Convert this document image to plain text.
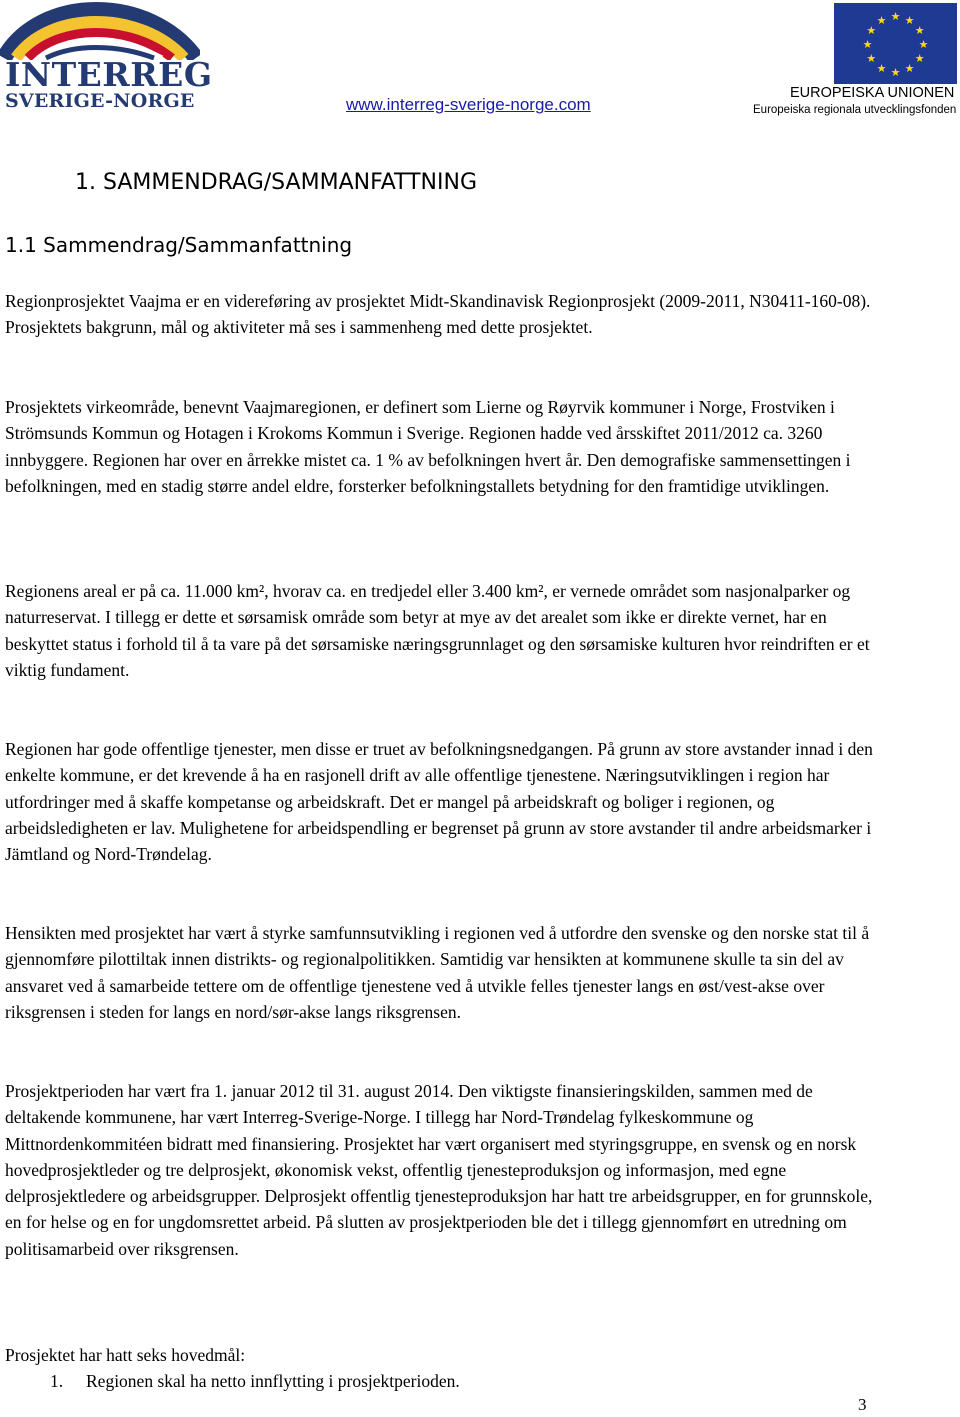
INTERREG
SVERIGE-NORGE	www.interreg-sverige-norge.com
★ ★
★
★
★
★
★
★
★
★
★
★
EUROPEISKA UNIONEN
Europeiska regionala utvecklingsfonden
1. SAMMENDRAG/SAMMANFATTNING
1.1 Sammendrag/Sammanfattning

Regionprosjektet Vaajma er en videreføring av prosjektet Midt-Skandinavisk Regionprosjekt (2009-2011, N30411-160-08). Prosjektets bakgrunn, mål og aktiviteter må ses i sammenheng med dette prosjektet.

Prosjektets virkeområde, benevnt Vaajmaregionen, er definert som Lierne og Røyrvik kommuner i Norge, Frostviken i Strömsunds Kommun og Hotagen i Krokoms Kommun i Sverige. Regionen hadde ved årsskiftet 2011/2012 ca. 3260 innbyggere. Regionen har over en årrekke mistet ca. 1 % av befolkningen hvert år. Den demografiske sammensettingen i befolkningen, med en stadig større andel eldre, forsterker befolkningstallets betydning for den framtidige utviklingen.

Regionens areal er på ca. 11.000 km², hvorav ca. en tredjedel eller 3.400 km², er vernede området som nasjonalparker og naturreservat. I tillegg er dette et sørsamisk område som betyr at mye av det arealet som ikke er direkte vernet, har en beskyttet status i forhold til å ta vare på det sørsamiske næringsgrunnlaget og den sørsamiske kulturen hvor reindriften er et viktig fundament.

Regionen har gode offentlige tjenester, men disse er truet av befolkningsnedgangen. På grunn av store avstander innad i den enkelte kommune, er det krevende å ha en rasjonell drift av alle offentlige tjenestene. Næringsutviklingen i region har utfordringer med å skaffe kompetanse og arbeidskraft. Det er mangel på arbeidskraft og boliger i regionen, og arbeidsledigheten er lav. Mulighetene for arbeidspendling er begrenset på grunn av store avstander til andre arbeidsmarker i Jämtland og Nord-Trøndelag.

Hensikten med prosjektet har vært å styrke samfunnsutvikling i regionen ved å utfordre den svenske og den norske stat til å gjennomføre pilottiltak innen distrikts- og regionalpolitikken. Samtidig var hensikten at kommunene skulle ta sin del av ansvaret ved å samarbeide tettere om de offentlige tjenestene ved å utvikle felles tjenester langs en øst/vest-akse over riksgrensen i steden for langs en nord/sør-akse langs riksgrensen.

Prosjektperioden har vært fra 1. januar 2012 til 31. august 2014. Den viktigste finansieringskilden, sammen med de deltakende kommunene, har vært Interreg-Sverige-Norge. I tillegg har Nord-Trøndelag fylkeskommune og Mittnordenkommitéen bidratt med finansiering. Prosjektet har vært organisert med styringsgruppe, en svensk og en norsk hovedprosjektleder og tre delprosjekt, økonomisk vekst, offentlig tjenesteproduksjon og informasjon, med egne delprosjektledere og arbeidsgrupper. Delprosjekt offentlig tjenesteproduksjon har hatt tre arbeidsgrupper, en for grunnskole, en for helse og en for ungdomsrettet arbeid. På slutten av prosjektperioden ble det i tillegg gjennomført en utredning om politisamarbeid over riksgrensen.

Prosjektet har hatt seks hovedmål:

1. Regionen skal ha netto innflytting i prosjektperioden.
3
